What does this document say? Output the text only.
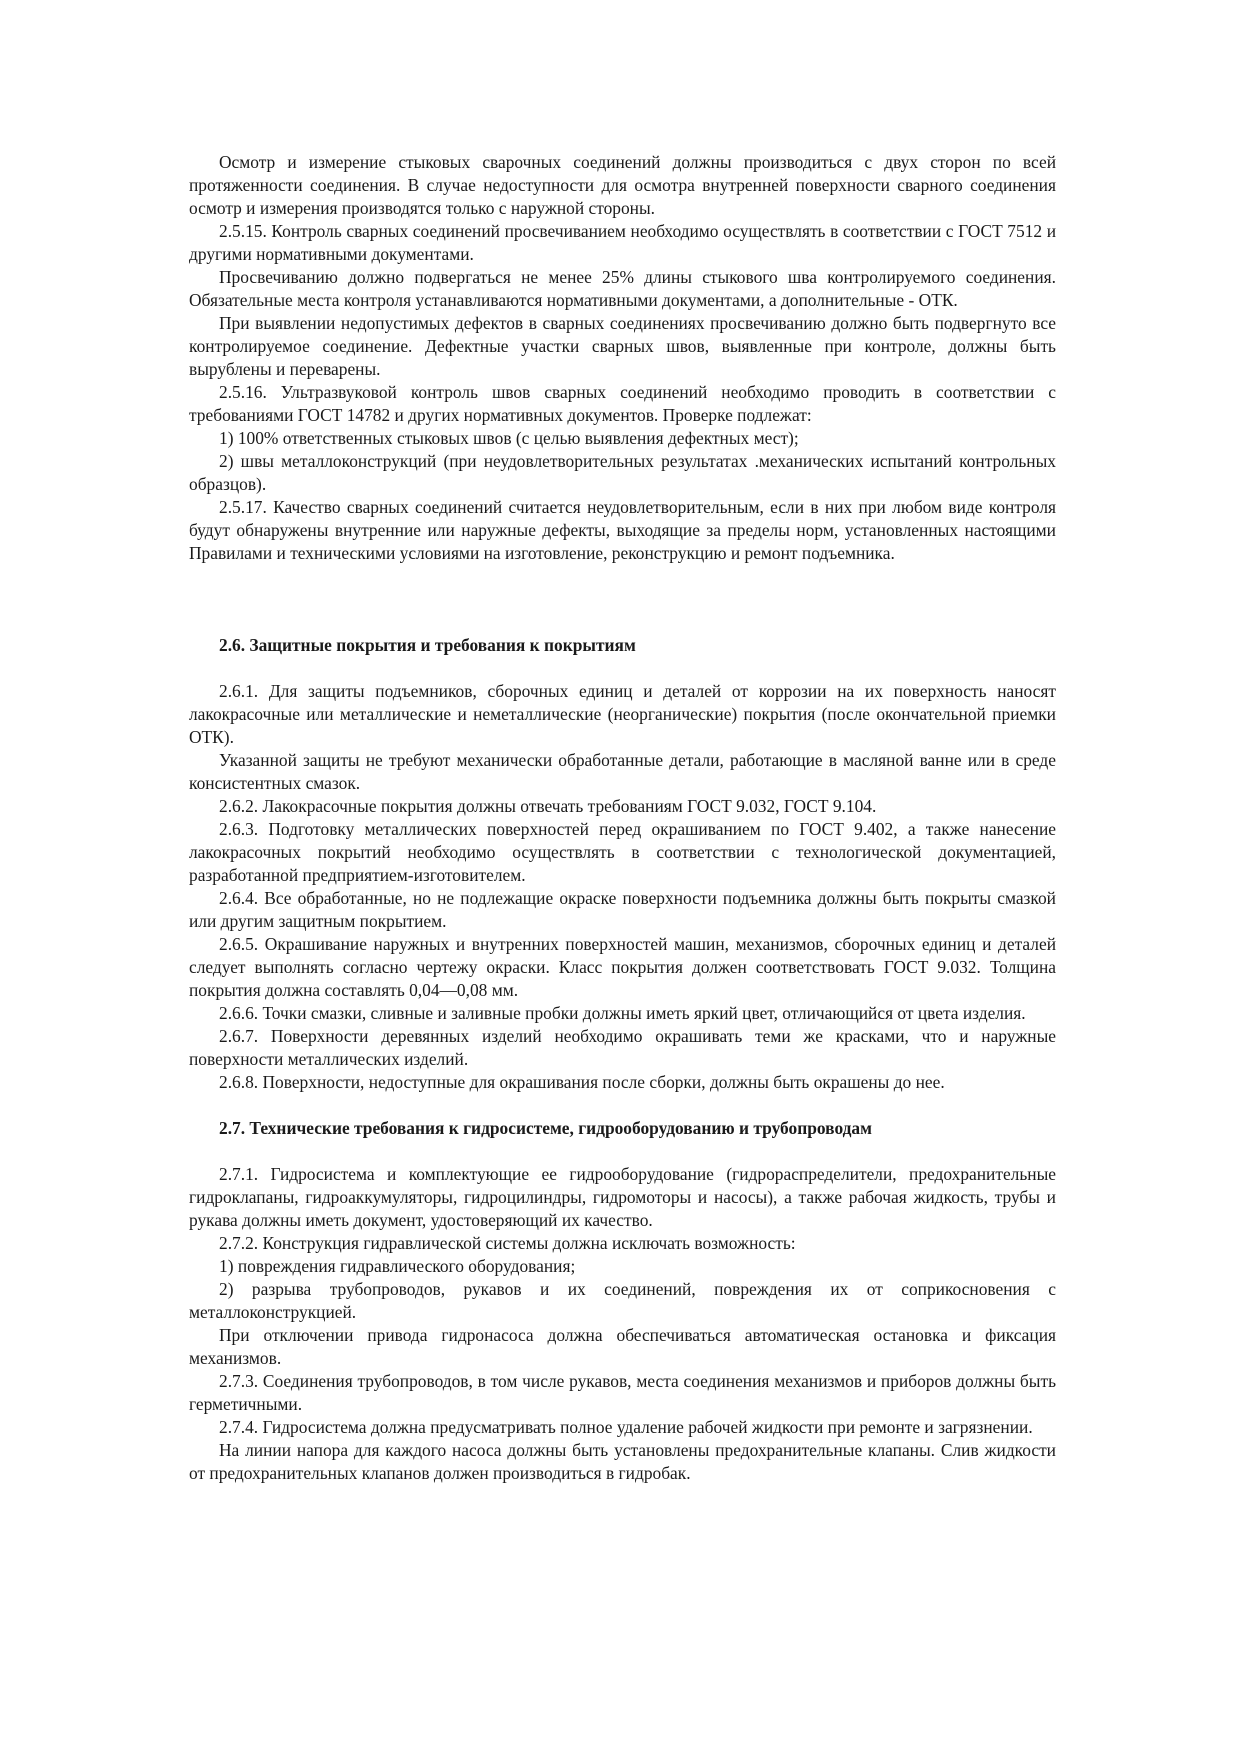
Осмотр и измерение стыковых сварочных соединений должны производиться с двух сторон по всей протяженности соединения. В случае недоступности для осмотра внутренней поверхности сварного соединения осмотр и измерения производятся только с наружной стороны.

2.5.15. Контроль сварных соединений просвечиванием необходимо осуществлять в соответствии с ГОСТ 7512 и другими нормативными документами.

Просвечиванию должно подвергаться не менее 25% длины стыкового шва контролируемого соединения. Обязательные места контроля устанавливаются нормативными документами, а дополнительные - ОТК.

При выявлении недопустимых дефектов в сварных соединениях просвечиванию должно быть подвергнуто все контролируемое соединение. Дефектные участки сварных швов, выявленные при контроле, должны быть вырублены и переварены.

2.5.16. Ультразвуковой контроль швов сварных соединений необходимо проводить в соответствии с требованиями ГОСТ 14782 и других нормативных документов. Проверке подлежат:

1) 100% ответственных стыковых швов (с целью выявления дефектных мест);

2) швы металлоконструкций (при неудовлетворительных результатах .механических испытаний контрольных образцов).

2.5.17. Качество сварных соединений считается неудовлетворительным, если в них при любом виде контроля будут обнаружены внутренние или наружные дефекты, выходящие за пределы норм, установленных настоящими Правилами и техническими условиями на изготовление, реконструкцию и ремонт подъемника.

2.6. Защитные покрытия и требования к покрытиям

2.6.1. Для защиты подъемников, сборочных единиц и деталей от коррозии на их поверхность наносят лакокрасочные или металлические и неметаллические (неорганические) покрытия (после окончательной приемки ОТК).

Указанной защиты не требуют механически обработанные детали, работающие в масляной ванне или в среде консистентных смазок.

2.6.2. Лакокрасочные покрытия должны отвечать требованиям ГОСТ 9.032, ГОСТ 9.104.

2.6.3. Подготовку металлических поверхностей перед окрашиванием по ГОСТ 9.402, а также нанесение лакокрасочных покрытий необходимо осуществлять в соответствии с технологической документацией, разработанной предприятием-изготовителем.

2.6.4. Все обработанные, но не подлежащие окраске поверхности подъемника должны быть покрыты смазкой или другим защитным покрытием.

2.6.5. Окрашивание наружных и внутренних поверхностей машин, механизмов, сборочных единиц и деталей следует выполнять согласно чертежу окраски. Класс покрытия должен соответствовать ГОСТ 9.032. Толщина покрытия должна составлять 0,04—0,08 мм.

2.6.6. Точки смазки, сливные и заливные пробки должны иметь яркий цвет, отличающийся от цвета изделия.

2.6.7. Поверхности деревянных изделий необходимо окрашивать теми же красками, что и наружные поверхности металлических изделий.

2.6.8. Поверхности, недоступные для окрашивания после сборки, должны быть окрашены до нее.

2.7. Технические требования к гидросистеме, гидрооборудованию и трубопроводам

2.7.1. Гидросистема и комплектующие ее гидрооборудование (гидрораспределители, предохранительные гидроклапаны, гидроаккумуляторы, гидроцилиндры, гидромоторы и насосы), а также рабочая жидкость, трубы и рукава должны иметь документ, удостоверяющий их качество.

2.7.2. Конструкция гидравлической системы должна исключать возможность:

1) повреждения гидравлического оборудования;

2) разрыва трубопроводов, рукавов и их соединений, повреждения их от соприкосновения с металлоконструкцией.

При отключении привода гидронасоса должна обеспечиваться автоматическая остановка и фиксация механизмов.

2.7.3. Соединения трубопроводов, в том числе рукавов, места соединения механизмов и приборов должны быть герметичными.

2.7.4. Гидросистема должна предусматривать полное удаление рабочей жидкости при ремонте и загрязнении.

На линии напора для каждого насоса должны быть установлены предохранительные клапаны. Слив жидкости от предохранительных клапанов должен производиться в гидробак.
